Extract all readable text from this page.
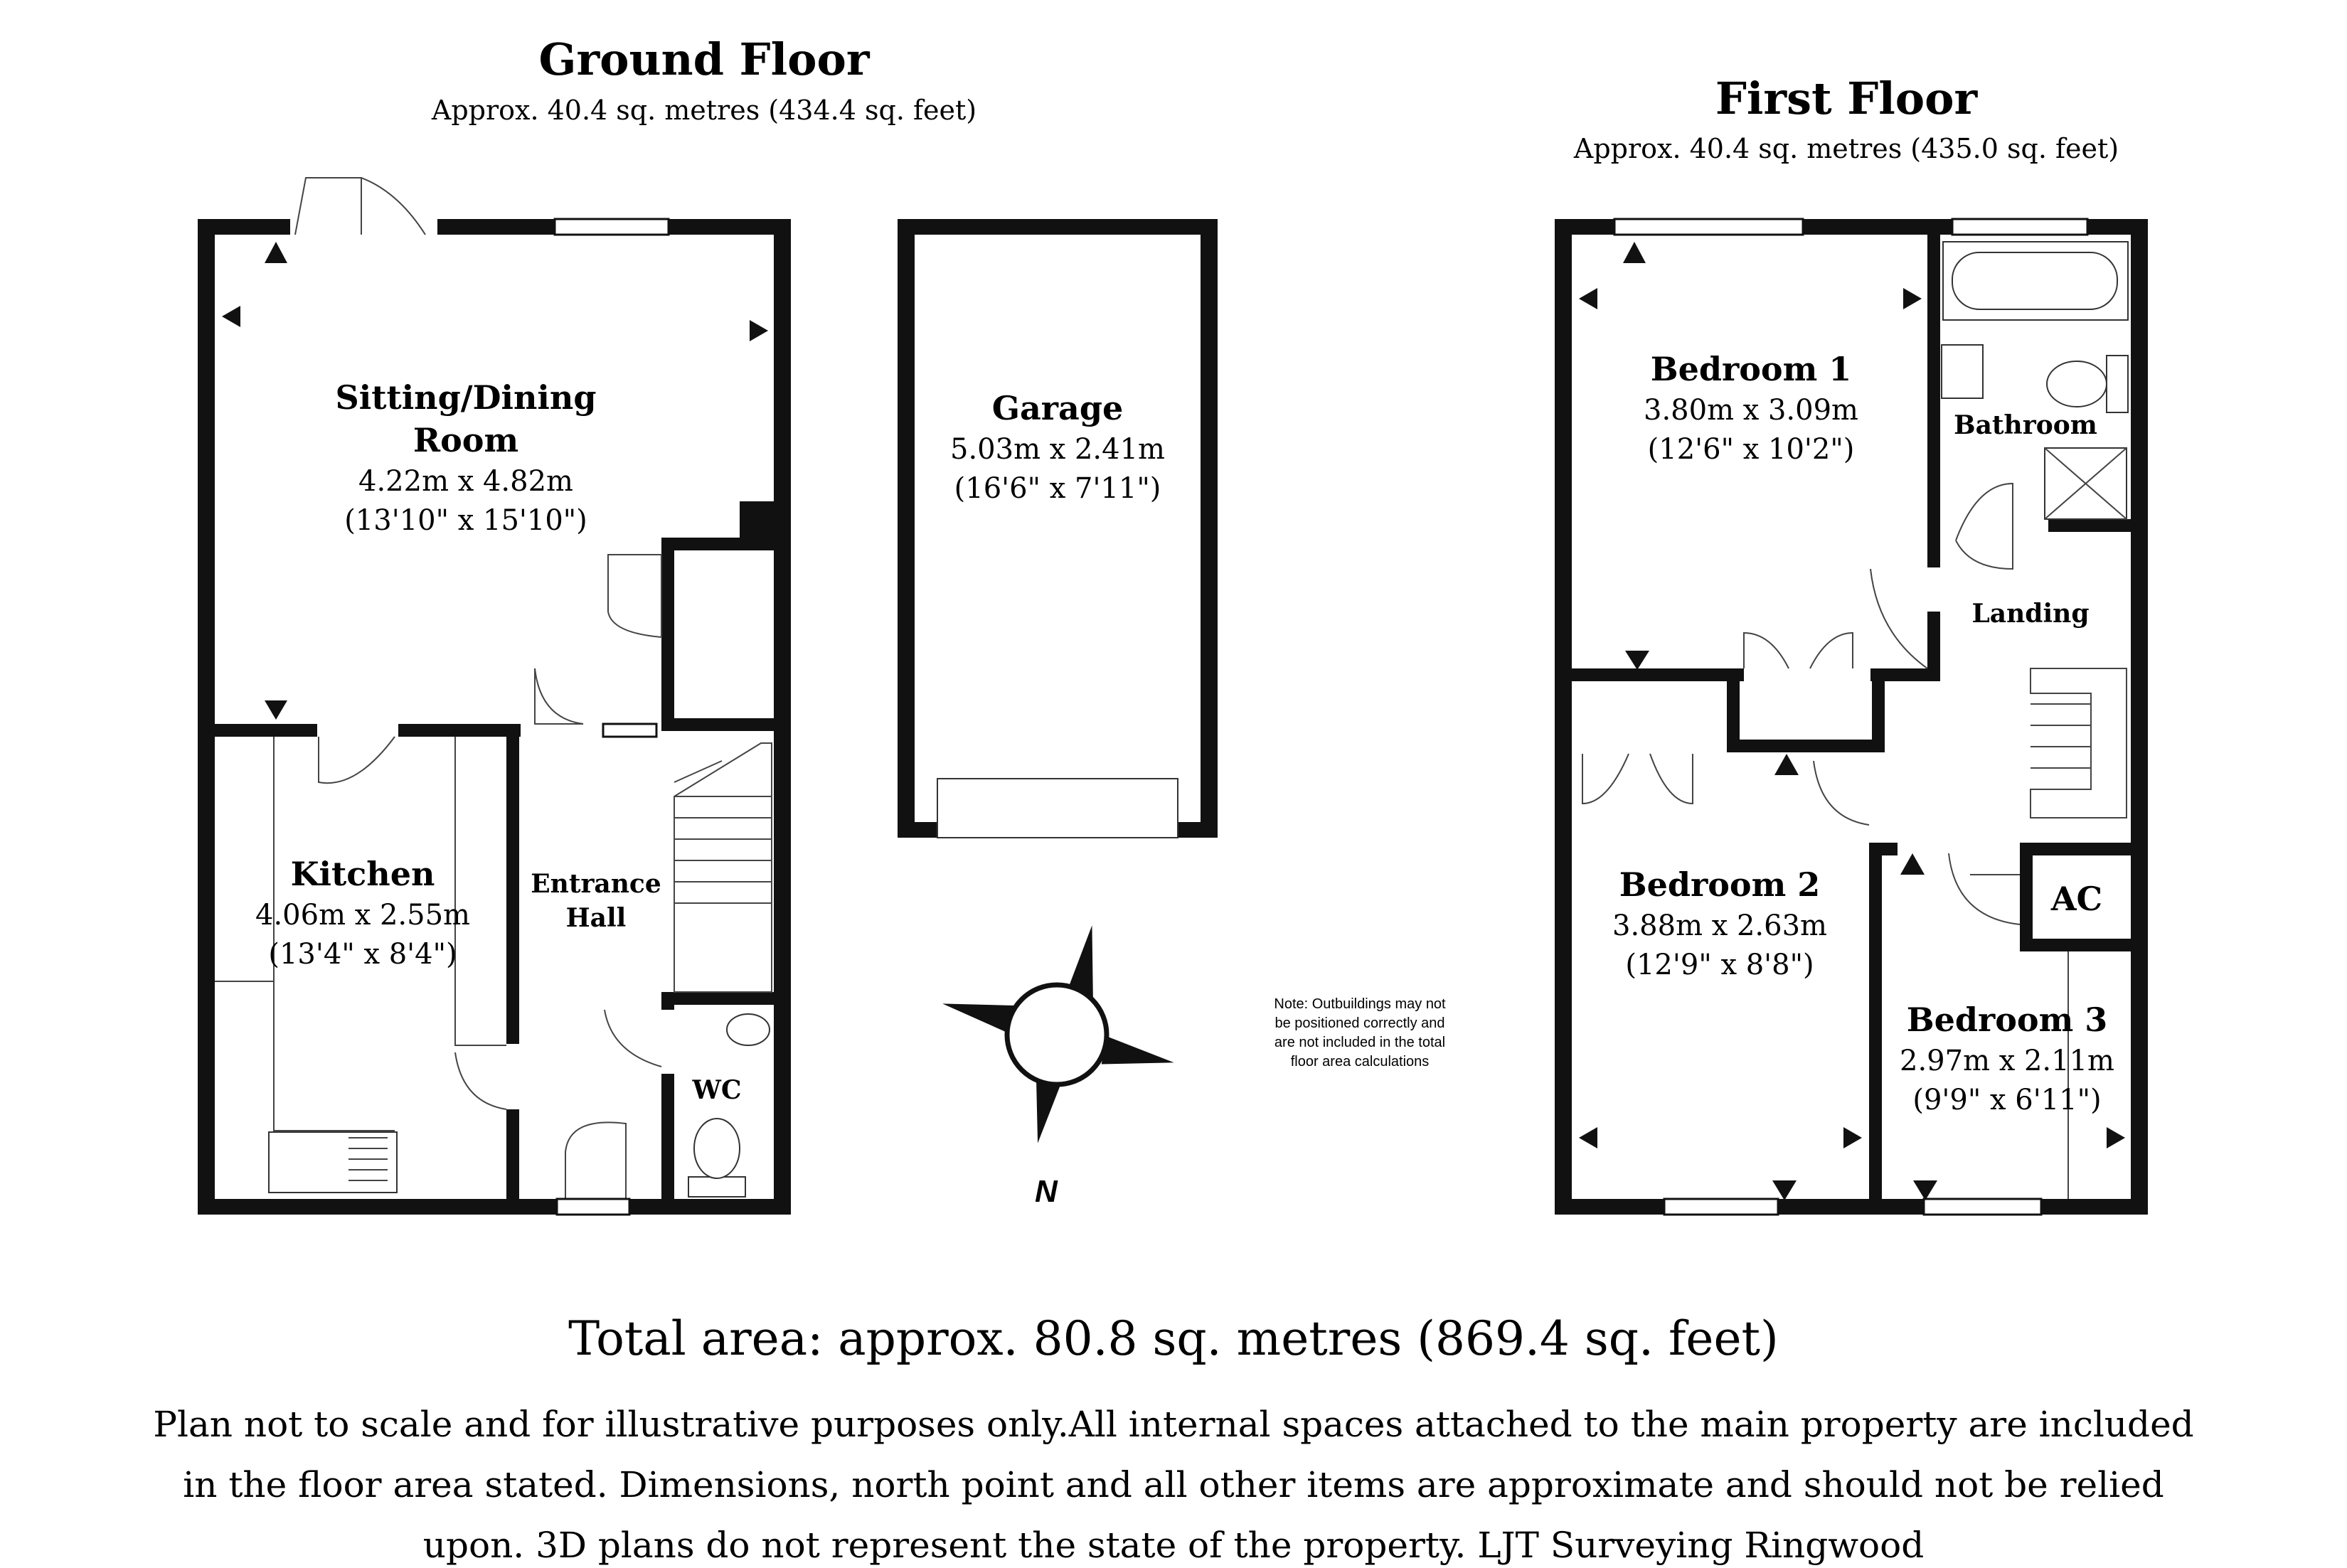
Ground Floor
Approx. 40.4 sq. metres (434.4 sq. feet)
Sitting/Dining
Room
4.22m x 4.82m
(13'10" x 15'10")
Kitchen
4.06m x 2.55m
(13'4" x 8'4")
Entrance
Hall
WC
Garage
5.03m x 2.41m
(16'6" x 7'11")
N
Note: Outbuildings may not
be positioned correctly and
are not included in the total
floor area calculations
First Floor
Approx. 40.4 sq. metres (435.0 sq. feet)
Bedroom 1
3.80m x 3.09m
(12'6" x 10'2")
Bathroom
Landing
Bedroom 2
3.88m x 2.63m
(12'9" x 8'8")
AC
Bedroom 3
2.97m x 2.11m
(9'9" x 6'11")
Total area: approx. 80.8 sq. metres (869.4 sq. feet)
Plan not to scale and for illustrative purposes only.All internal spaces attached to the main property are included
in the floor area stated. Dimensions, north point and all other items are approximate and should not be relied
upon. 3D plans do not represent the state of the property. LJT Surveying Ringwood
